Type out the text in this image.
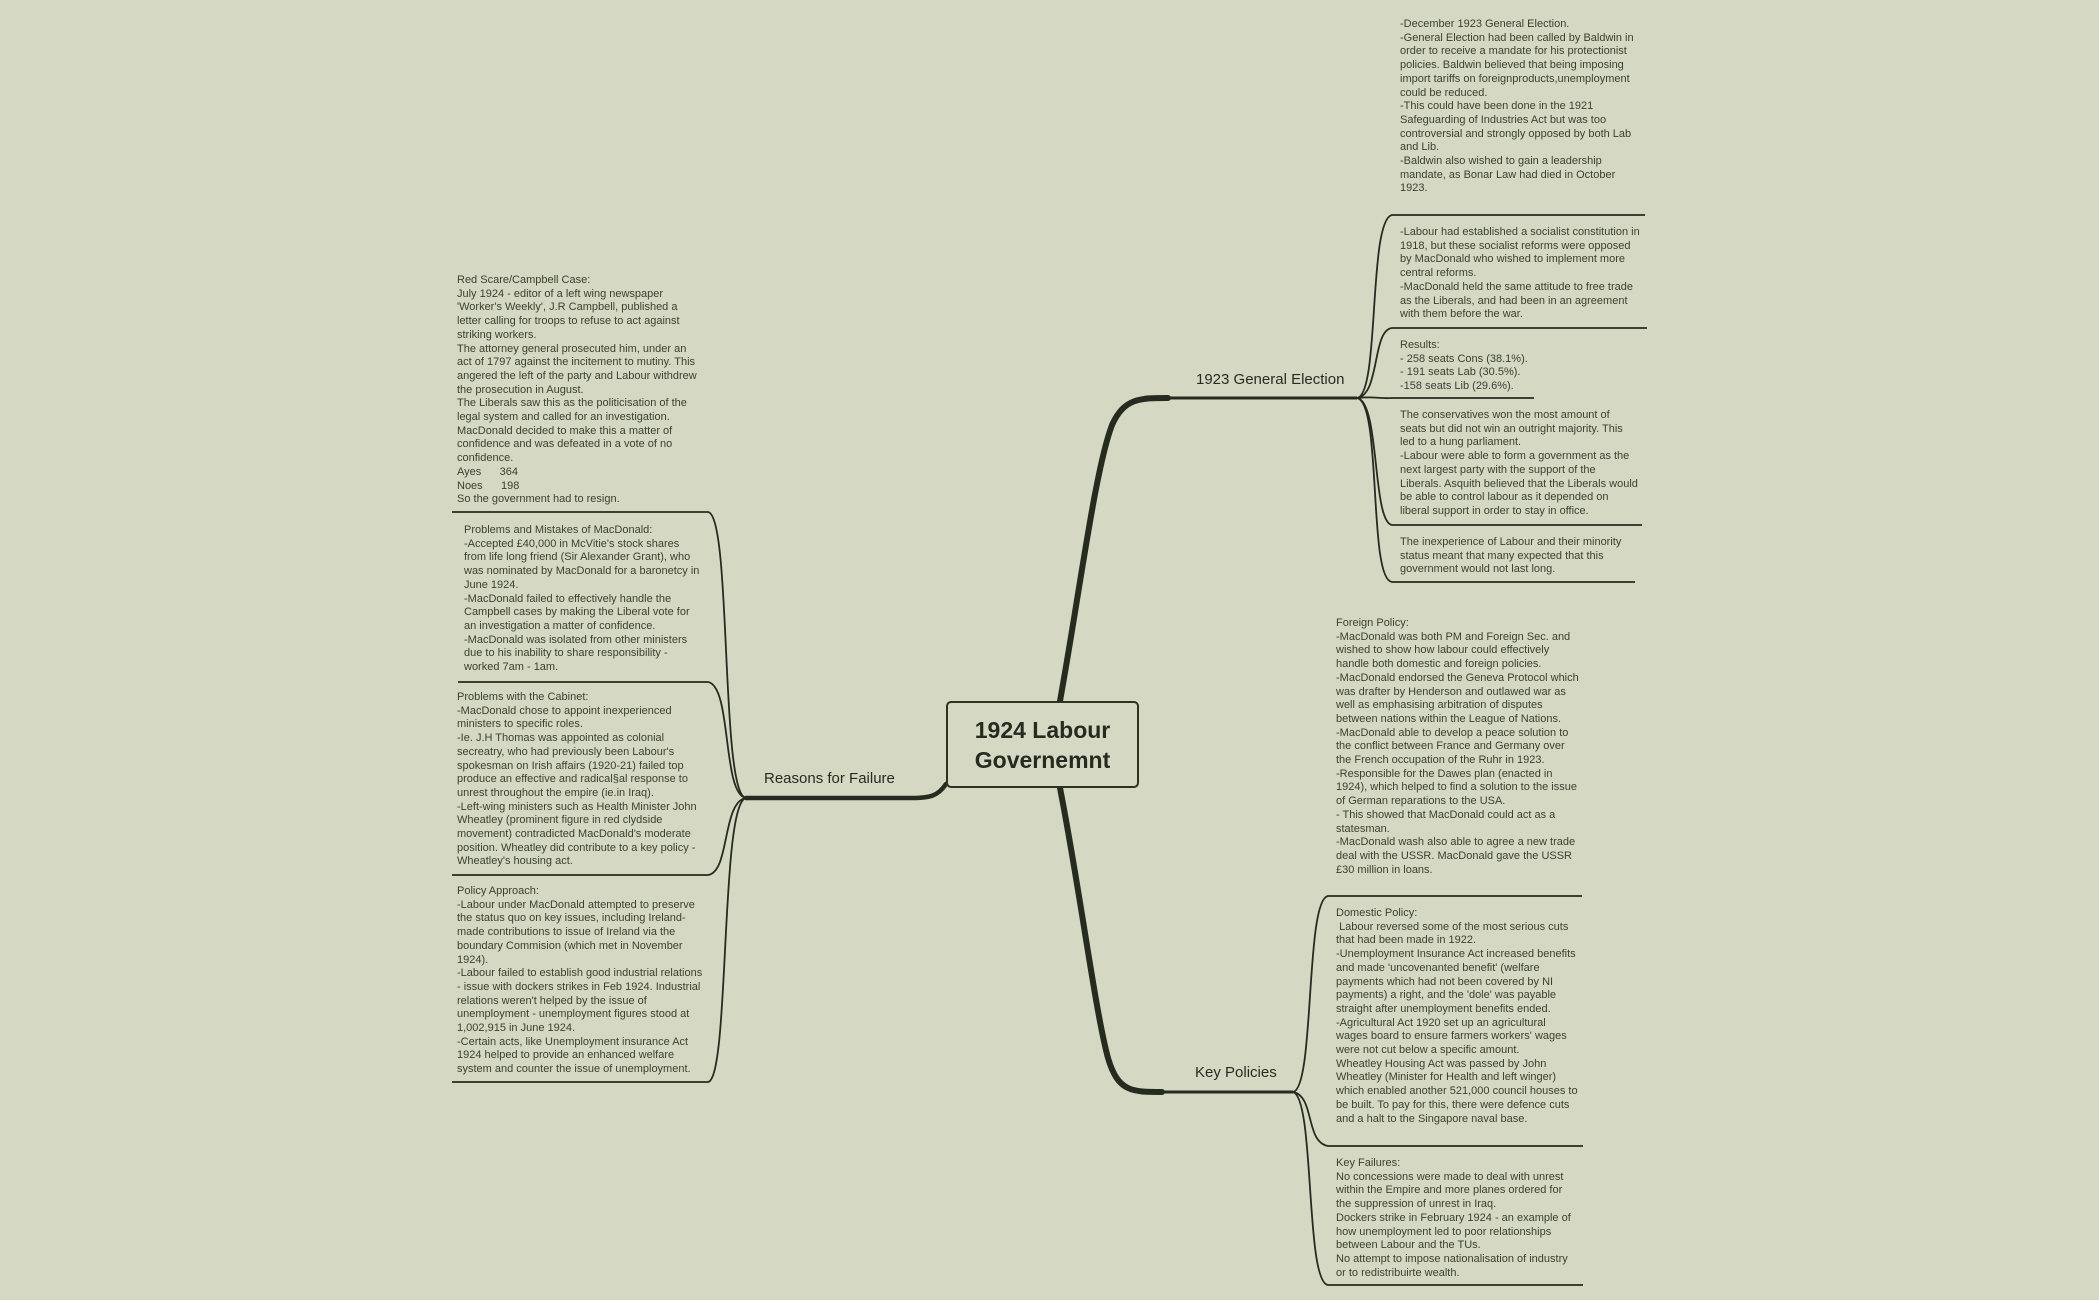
1924 Labour
Governemnt
1923 General Election
Key Policies
Reasons for Failure
-December 1923 General Election.
-General Election had been called by Baldwin in order to receive a mandate for his protectionist policies. Baldwin believed that being imposing import tariffs on foreignproducts,unemployment could be reduced.
-This could have been done in the 1921 Safeguarding of Industries Act but was too controversial and strongly opposed by both Lab and Lib.
-Baldwin also wished to gain a leadership mandate, as Bonar Law had died in October 1923.
-Labour had established a socialist constitution in 1918, but these socialist reforms were opposed by MacDonald who wished to implement more central reforms.
-MacDonald held the same attitude to free trade as the Liberals, and had been in an agreement with them before the war.
Results:
- 258 seats Cons (38.1%).
- 191 seats Lab (30.5%).
-158 seats Lib (29.6%).
The conservatives won the most amount of seats but did not win an outright majority. This led to a hung parliament.
-Labour were able to form a government as the next largest party with the support of the Liberals. Asquith believed that the Liberals would be able to control labour as it depended on liberal support in order to stay in office.
The inexperience of Labour and their minority status meant that many expected that this government would not last long.
Foreign Policy:
-MacDonald was both PM and Foreign Sec. and wished to show how labour could effectively handle both domestic and foreign policies.
-MacDonald endorsed the Geneva Protocol which was drafter by Henderson and outlawed war as well as emphasising arbitration of disputes between nations within the League of Nations.
-MacDonald able to develop a peace solution to the conflict between France and Germany over the French occupation of the Ruhr in 1923.
-Responsible for the Dawes plan (enacted in 1924), which helped to find a solution to the issue of German reparations to the USA.
- This showed that MacDonald could act as a statesman.
-MacDonald wash also able to agree a new trade deal with the USSR. MacDonald gave the USSR £30 million in loans.
Domestic Policy:
Labour reversed some of the most serious cuts that had been made in 1922.
-Unemployment Insurance Act increased benefits and made 'uncovenanted benefit' (welfare payments which had not been covered by NI payments) a right, and the 'dole' was payable straight after unemployment benefits ended.
-Agricultural Act 1920 set up an agricultural wages board to ensure farmers workers' wages were not cut below a specific amount.
Wheatley Housing Act was passed by John Wheatley (Minister for Health and left winger) which enabled another 521,000 council houses to be built. To pay for this, there were defence cuts and a halt to the Singapore naval base.
Key Failures:
No concessions were made to deal with unrest within the Empire and more planes ordered for the suppression of unrest in Iraq.
Dockers strike in February 1924 - an example of how unemployment led to poor relationships between Labour and the TUs.
No attempt to impose nationalisation of industry or to redistribuirte wealth.
Red Scare/Campbell Case:
July 1924 - editor of a left wing newspaper 'Worker's Weekly', J.R Campbell, published a letter calling for troops to refuse to act against striking workers.
The attorney general prosecuted him, under an act of 1797 against the incitement to mutiny. This angered the left of the party and Labour withdrew the prosecution in August.
The Liberals saw this as the politicisation of the legal system and called for an investigation. MacDonald decided to make this a matter of confidence and was defeated in a vote of no confidence.
Ayes      364
Noes      198
So the government had to resign.
Problems and Mistakes of MacDonald:
-Accepted £40,000 in McVitie's stock shares from life long friend (Sir Alexander Grant), who was nominated by MacDonald for a baronetcy in June 1924.
-MacDonald failed to effectively handle the Campbell cases by making the Liberal vote for an investigation a matter of confidence.
-MacDonald was isolated from other ministers due to his inability to share responsibility - worked 7am - 1am.
Problems with the Cabinet:
-MacDonald chose to appoint inexperienced ministers to specific roles.
-Ie. J.H Thomas was appointed as colonial secreatry, who had previously been Labour's spokesman on Irish affairs (1920-21) failed top produce an effective and radical§al response to unrest throughout the empire (ie.in Iraq).
-Left-wing ministers such as Health Minister John Wheatley (prominent figure in red clydside movement) contradicted MacDonald's moderate position. Wheatley did contribute to a key policy - Wheatley's housing act.
Policy Approach:
-Labour under MacDonald attempted to preserve the status quo on key issues, including Ireland- made contributions to issue of Ireland via the boundary Commision (which met in November 1924).
-Labour failed to establish good industrial relations - issue with dockers strikes in Feb 1924. Industrial relations weren't helped by the issue of unemployment - unemployment figures stood at 1,002,915 in June 1924.
-Certain acts, like Unemployment insurance Act 1924 helped to provide an enhanced welfare system and counter the issue of unemployment.
